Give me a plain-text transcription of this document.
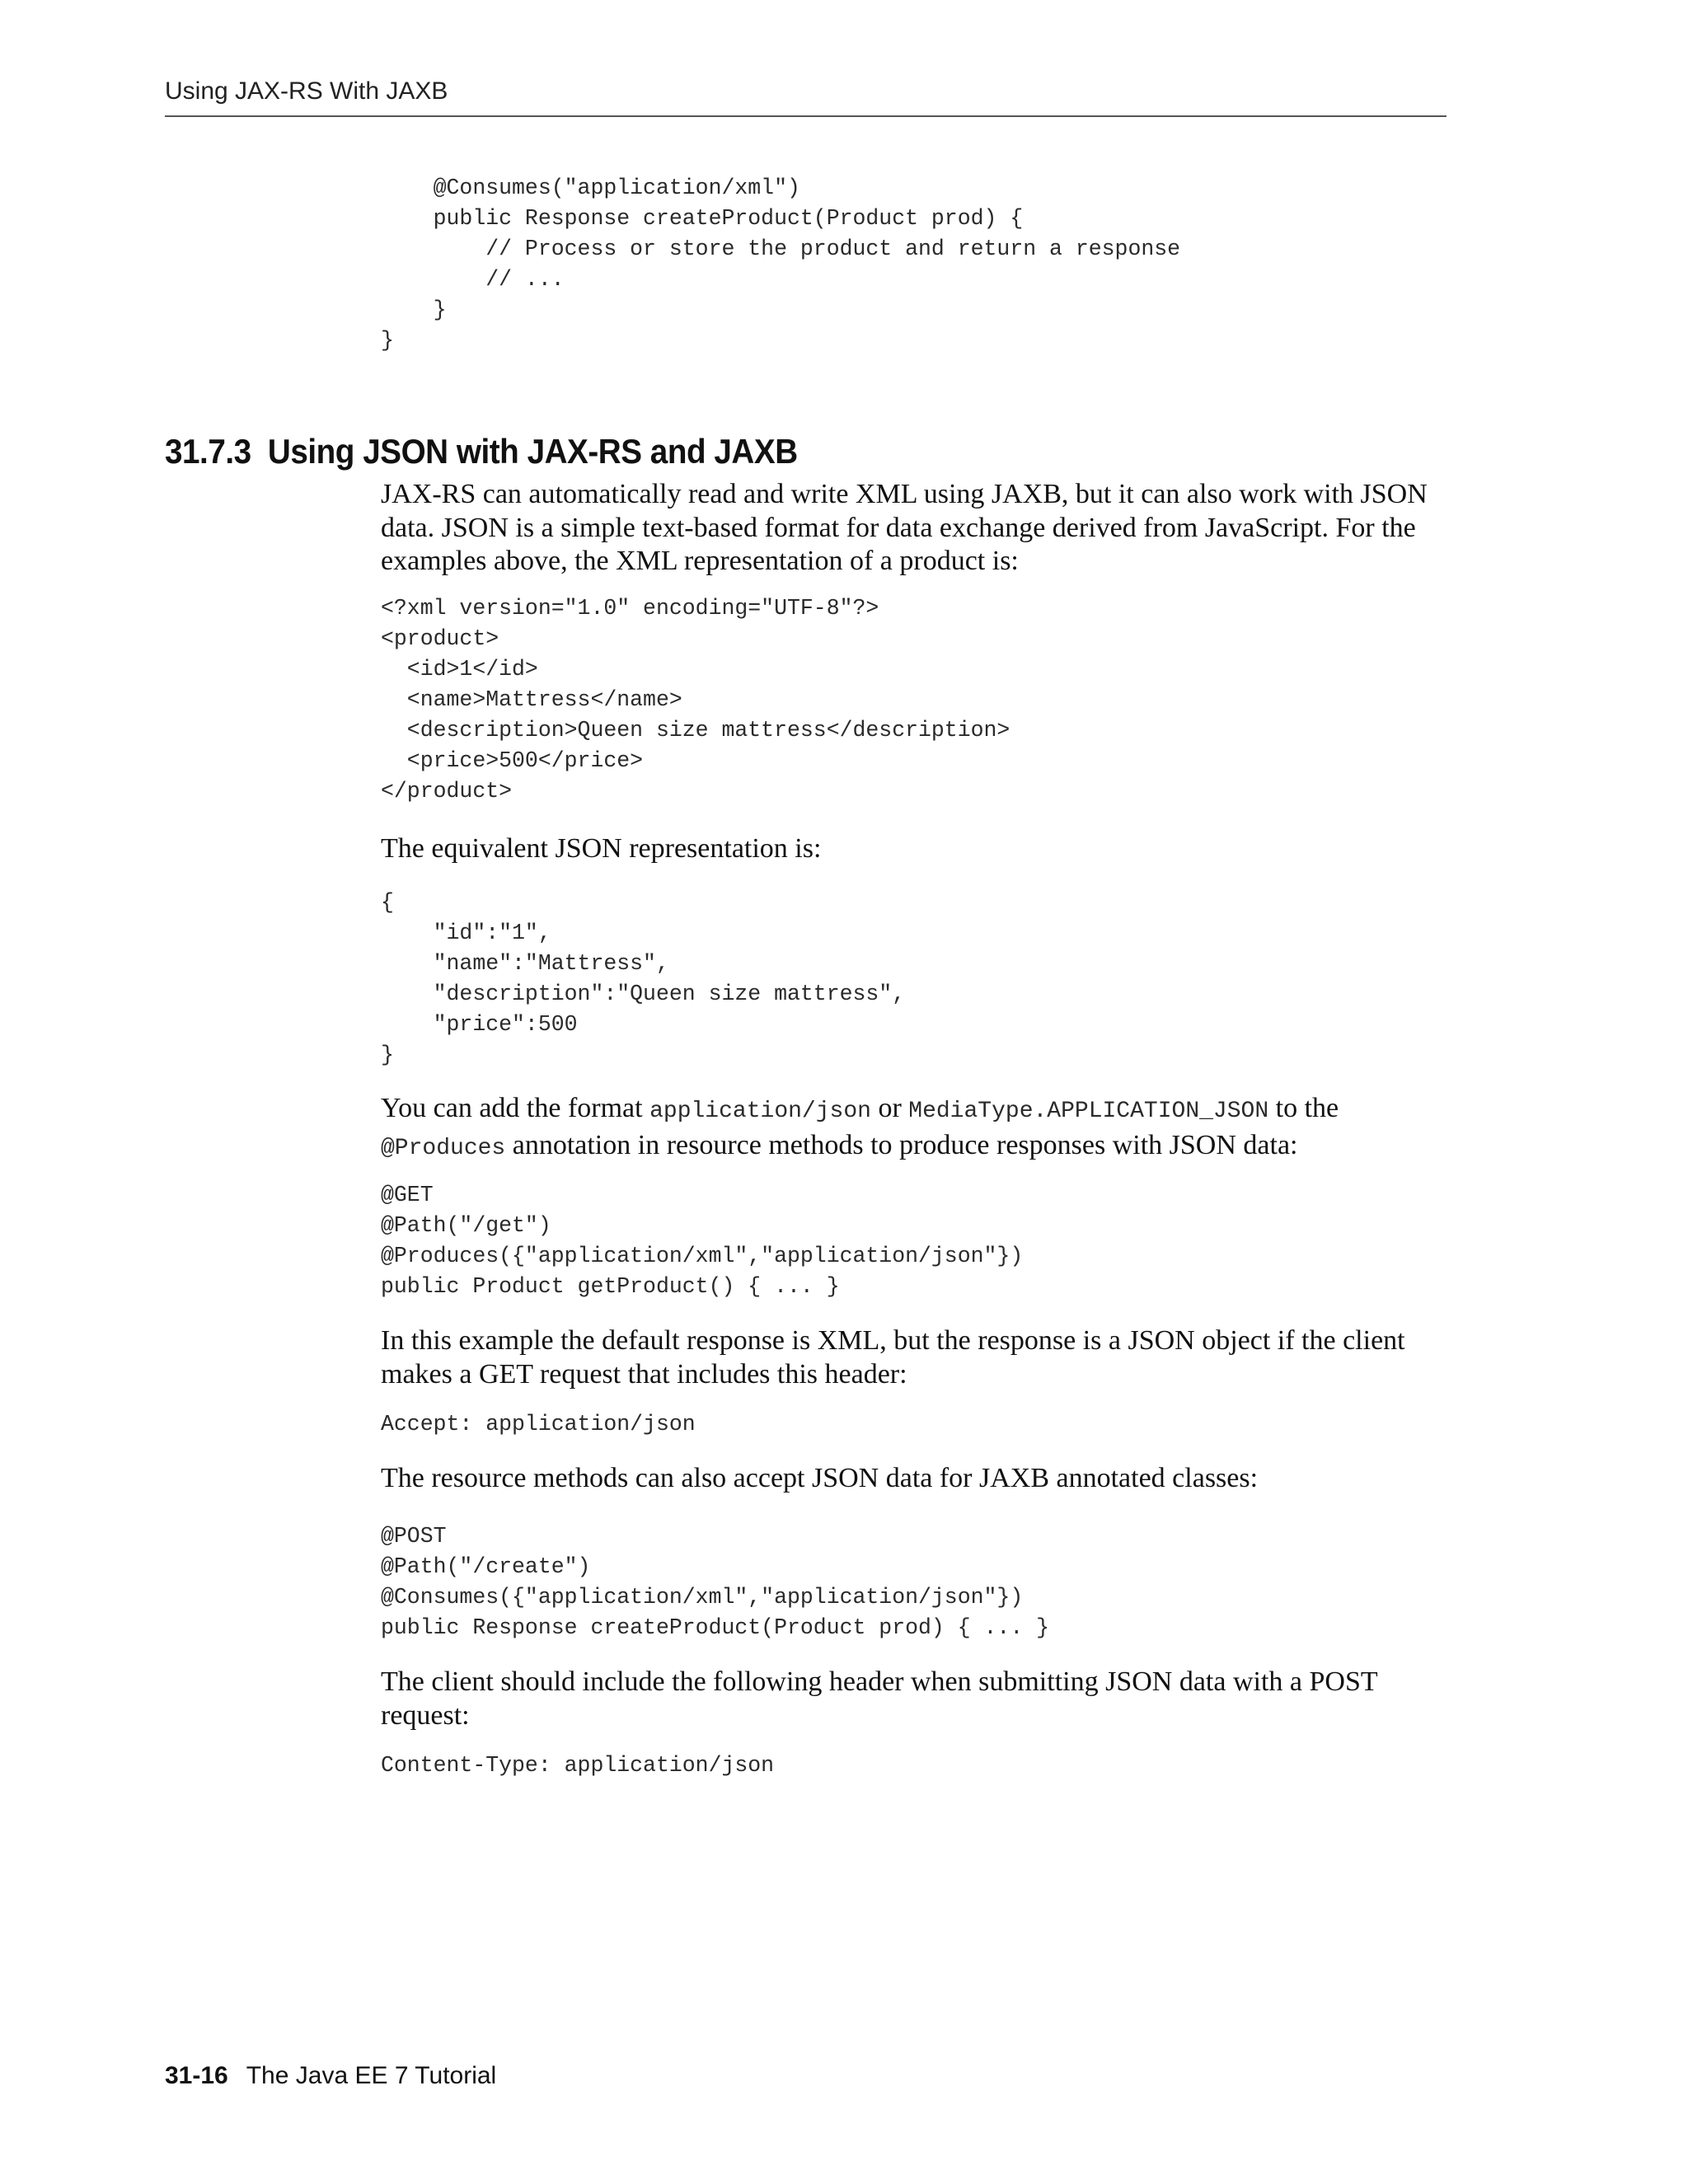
Using JAX-RS With JAXB
@Consumes("application/xml")
public Response createProduct(Product prod) {
// Process or store the product and return a response
// ...
}
}
31.7.3 Using JSON with JAX-RS and JAXB

JAX-RS can automatically read and write XML using JAXB, but it can also work with JSON data. JSON is a simple text-based format for data exchange derived from JavaScript. For the examples above, the XML representation of a product is:

<?xml version="1.0" encoding="UTF-8"?>
<product>
<id>1</id>
<name>Mattress</name>
<description>Queen size mattress</description>
<price>500</price>
</product>

The equivalent JSON representation is:

{
"id":"1",
"name":"Mattress",
"description":"Queen size mattress",
"price":500
}

You can add the format application/json or MediaType.APPLICATION_JSON to the @Produces annotation in resource methods to produce responses with JSON data:

@GET
@Path("/get")
@Produces({"application/xml","application/json"})
public Product getProduct() { ... }

In this example the default response is XML, but the response is a JSON object if the client makes a GET request that includes this header:

Accept: application/json

The resource methods can also accept JSON data for JAXB annotated classes:

@POST
@Path("/create")
@Consumes({"application/xml","application/json"})
public Response createProduct(Product prod) { ... }

The client should include the following header when submitting JSON data with a POST request:

Content-Type: application/json
31-16 The Java EE 7 Tutorial
